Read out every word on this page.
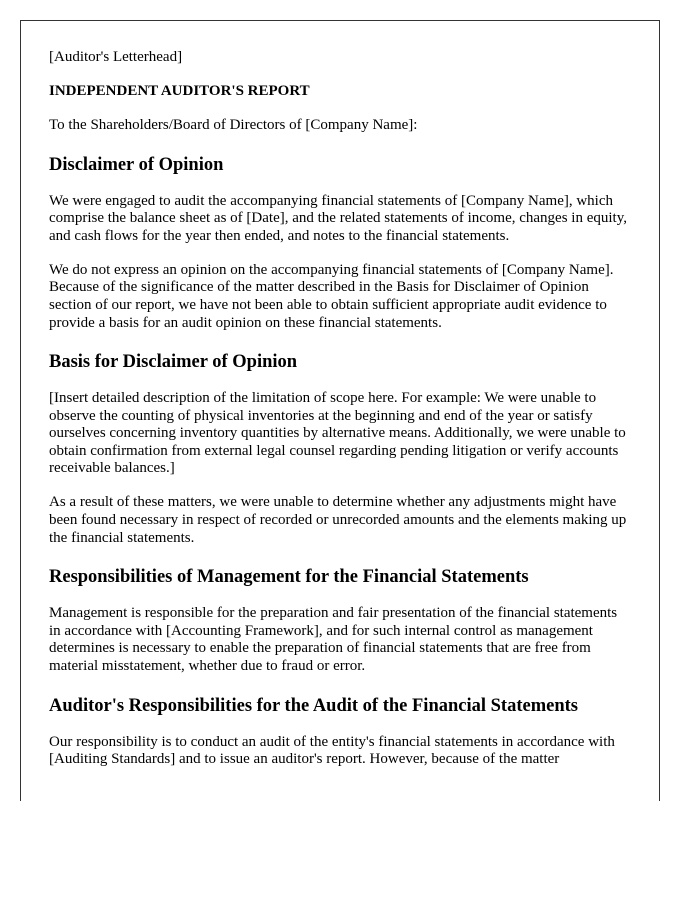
[Auditor's Letterhead]

INDEPENDENT AUDITOR'S REPORT

To the Shareholders/Board of Directors of [Company Name]:

Disclaimer of Opinion

We were engaged to audit the accompanying financial statements of [Company Name], which comprise the balance sheet as of [Date], and the related statements of income, changes in equity, and cash flows for the year then ended, and notes to the financial statements.

We do not express an opinion on the accompanying financial statements of [Company Name]. Because of the significance of the matter described in the Basis for Disclaimer of Opinion section of our report, we have not been able to obtain sufficient appropriate audit evidence to provide a basis for an audit opinion on these financial statements.

Basis for Disclaimer of Opinion

[Insert detailed description of the limitation of scope here. For example: We were unable to observe the counting of physical inventories at the beginning and end of the year or satisfy ourselves concerning inventory quantities by alternative means. Additionally, we were unable to obtain confirmation from external legal counsel regarding pending litigation or verify accounts receivable balances.]

As a result of these matters, we were unable to determine whether any adjustments might have been found necessary in respect of recorded or unrecorded amounts and the elements making up the financial statements.

Responsibilities of Management for the Financial Statements

Management is responsible for the preparation and fair presentation of the financial statements in accordance with [Accounting Framework], and for such internal control as management determines is necessary to enable the preparation of financial statements that are free from material misstatement, whether due to fraud or error.

Auditor's Responsibilities for the Audit of the Financial Statements

Our responsibility is to conduct an audit of the entity's financial statements in accordance with [Auditing Standards] and to issue an auditor's report. However, because of the matter
